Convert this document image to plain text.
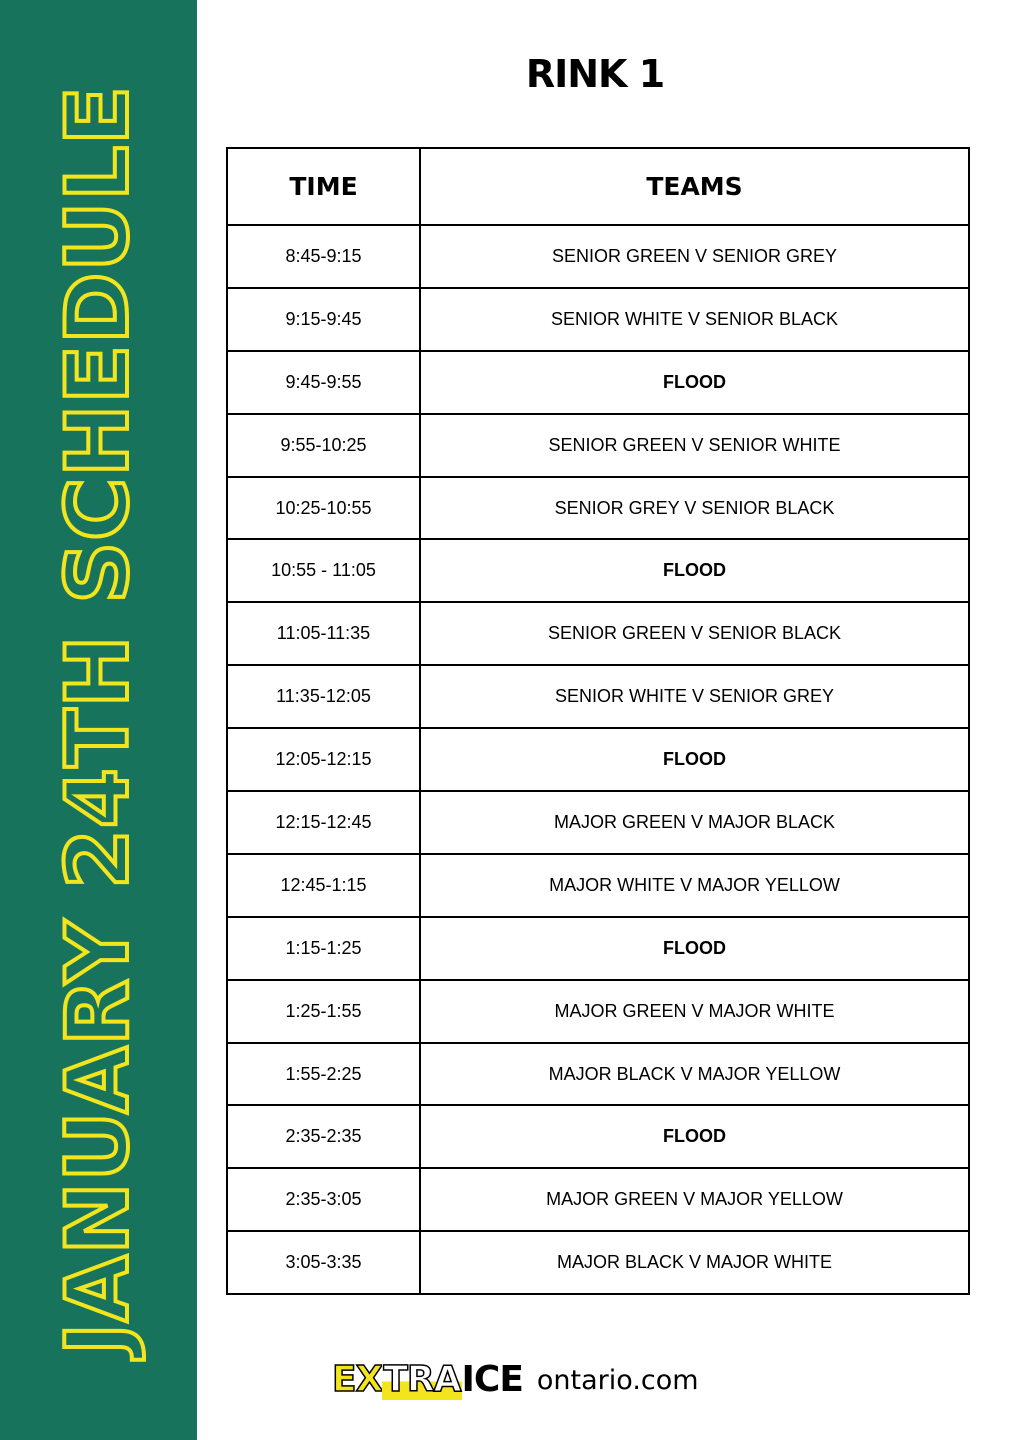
JANUARY 24TH SCHEDULE
RINK 1
TIME	TEAMS
8:45-9:15	SENIOR GREEN V SENIOR GREY
9:15-9:45	SENIOR WHITE V SENIOR BLACK
9:45-9:55	FLOOD
9:55-10:25	SENIOR GREEN V SENIOR WHITE
10:25-10:55	SENIOR GREY V SENIOR BLACK
10:55 - 11:05	FLOOD
11:05-11:35	SENIOR GREEN V SENIOR BLACK
11:35-12:05	SENIOR WHITE V SENIOR GREY
12:05-12:15	FLOOD
12:15-12:45	MAJOR GREEN V MAJOR BLACK
12:45-1:15	MAJOR WHITE V MAJOR YELLOW
1:15-1:25	FLOOD
1:25-1:55	MAJOR GREEN V MAJOR WHITE
1:55-2:25	MAJOR BLACK V MAJOR YELLOW
2:35-2:35	FLOOD
2:35-3:05	MAJOR GREEN V MAJOR YELLOW
3:05-3:35	MAJOR BLACK V MAJOR WHITE
EXTRAICE ontario.com
